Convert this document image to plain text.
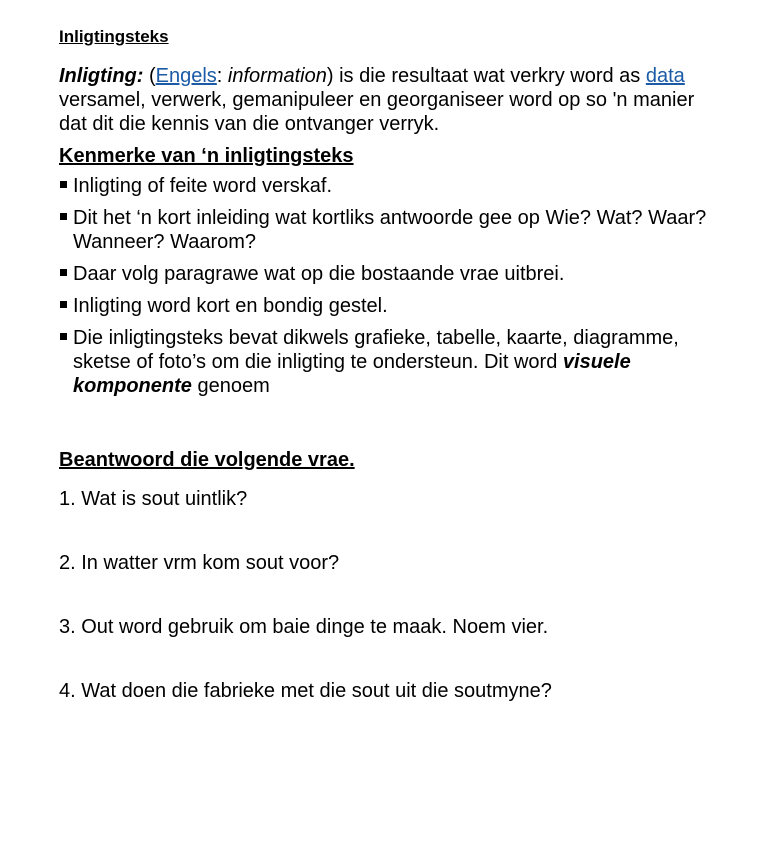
Inligtingsteks

Inligting: (Engels: information) is die resultaat wat verkry word as data versamel, verwerk, gemanipuleer en georganiseer word op so 'n manier dat dit die kennis van die ontvanger verryk.

Kenmerke van ‘n inligtingsteks

Inligting of feite word verskaf.
Dit het ‘n kort inleiding wat kortliks antwoorde gee op Wie? Wat? Waar? Wanneer? Waarom?
Daar volg paragrawe wat op die bostaande vrae uitbrei.
Inligting word kort en bondig gestel.
Die inligtingsteks bevat dikwels grafieke, tabelle, kaarte, diagramme, sketse of foto’s om die inligting te ondersteun. Dit word visuele komponente genoem

Beantwoord die volgende vrae.

1. Wat is sout uintlik?

2. In watter vrm kom sout voor?

3. Out word gebruik om baie dinge te maak. Noem vier.

4. Wat doen die fabrieke met die sout uit die soutmyne?
